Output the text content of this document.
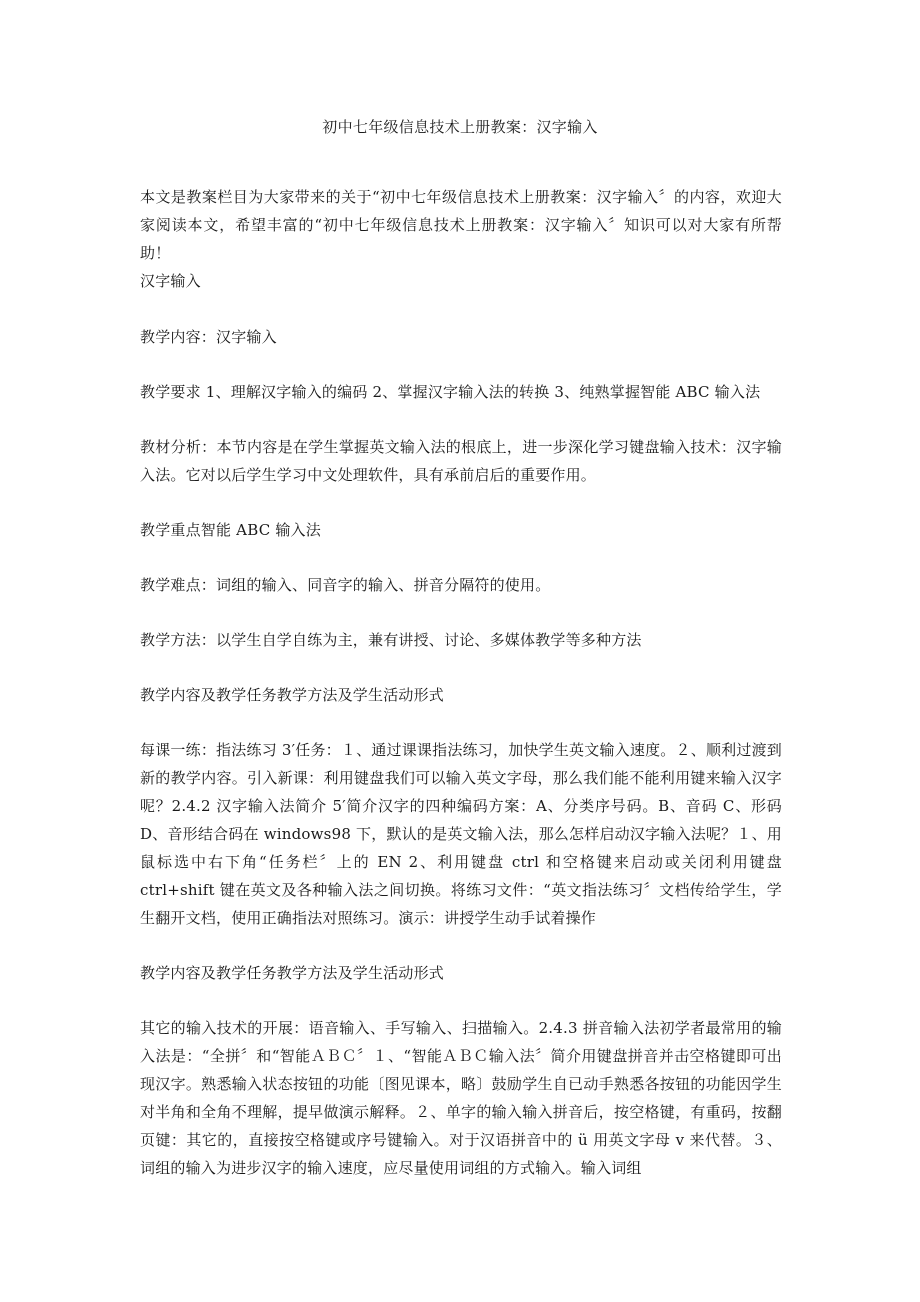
初中七年级信息技术上册教案：汉字输入

本文是教案栏目为大家带来的关于“初中七年级信息技术上册教案：汉字输入〞的内容，欢迎大家阅读本文，希望丰富的“初中七年级信息技术上册教案：汉字输入〞知识可以对大家有所帮助！

汉字输入

教学内容：汉字输入

教学要求 1、理解汉字输入的编码 2、掌握汉字输入法的转换 3、纯熟掌握智能 ABC 输入法

教材分析：本节内容是在学生掌握英文输入法的根底上，进一步深化学习键盘输入技术：汉字输入法。它对以后学生学习中文处理软件，具有承前启后的重要作用。

教学重点智能 ABC 输入法

教学难点：词组的输入、同音字的输入、拼音分隔符的使用。

教学方法：以学生自学自练为主，兼有讲授、讨论、多媒体教学等多种方法

教学内容及教学任务教学方法及学生活动形式

每课一练：指法练习 3′任务：１、通过课课指法练习，加快学生英文输入速度。２、顺利过渡到新的教学内容。引入新课：利用键盘我们可以输入英文字母，那么我们能不能利用键来输入汉字呢？2.4.2 汉字输入法简介 5′简介汉字的四种编码方案：A、分类序号码。B、音码 C、形码 D、音形结合码在 windows98 下，默认的是英文输入法，那么怎样启动汉字输入法呢？１、用鼠标选中右下角“任务栏〞上的 EN 2、利用键盘 ctrl 和空格键来启动或关闭利用键盘 ctrl+shift 键在英文及各种输入法之间切换。将练习文件：“英文指法练习〞文档传给学生，学生翻开文档，使用正确指法对照练习。演示：讲授学生动手试着操作

教学内容及教学任务教学方法及学生活动形式

其它的输入技术的开展：语音输入、手写输入、扫描输入。2.4.3 拼音输入法初学者最常用的输入法是：“全拼〞和“智能ＡＢＣ〞１、“智能ＡＢＣ输入法〞简介用键盘拼音并击空格键即可出现汉字。熟悉输入状态按钮的功能〔图见课本，略〕鼓励学生自已动手熟悉各按钮的功能因学生对半角和全角不理解，提早做演示解释。２、单字的输入输入拼音后，按空格键，有重码，按翻页键：其它的，直接按空格键或序号键输入。对于汉语拼音中的 ü 用英文字母 v 来代替。３、词组的输入为进步汉字的输入速度，应尽量使用词组的方式输入。输入词组
